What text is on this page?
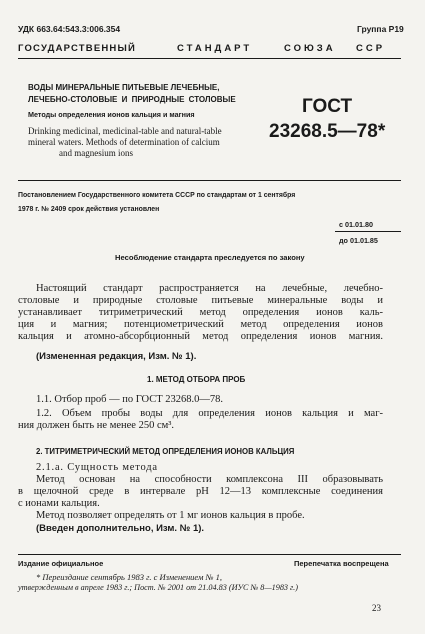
УДК 663.64:543.3:006.354	Группа Р19
ГОСУДАРСТВЕННЫЙ	СТАНДАРТ	СОЮЗА ССР
ВОДЫ МИНЕРАЛЬНЫЕ ПИТЬЕВЫЕ ЛЕЧЕБНЫЕ,
ЛЕЧЕБНО-СТОЛОВЫЕ И ПРИРОДНЫЕ СТОЛОВЫЕ
Методы определения ионов кальция и магния
Drinking medicinal, medicinal-table and natural-table
mineral waters. Methods of determination of calcium
and magnesium ions
ГОСТ
23268.5—78*
Постановлением Государственного комитета СССР по стандартам от 1 сентября
1978 г. № 2409 срок действия установлен
с 01.01.80
до 01.01.85
Несоблюдение стандарта преследуется по закону
Настоящий стандарт распространяется на лечебные, лечебно-
столовые и природные столовые питьевые минеральные воды и
устанавливает титриметрический метод определения ионов каль-
ция и магния; потенциометрический метод определения ионов
кальция и атомно-абсорбционный метод определения ионов магния.
(Измененная редакция, Изм. № 1).
1. МЕТОД ОТБОРА ПРОБ
1.1. Отбор проб — по ГОСТ 23268.0—78.
1.2. Объем пробы воды для определения ионов кальция и маг-
ния должен быть не менее 250 см³.
2. ТИТРИМЕТРИЧЕСКИЙ МЕТОД ОПРЕДЕЛЕНИЯ ИОНОВ КАЛЬЦИЯ
2.1.а. Сущность метода
Метод основан на способности комплексона III образовывать
в щелочной среде в интервале pH 12—13 комплексные соединения
с ионами кальция.
Метод позволяет определять от 1 мг ионов кальция в пробе.
(Введен дополнительно, Изм. № 1).
Издание официальное	Перепечатка воспрещена
* Переиздание сентябрь 1983 г. с Изменением № 1,
утвержденным в апреле 1983 г.; Пост. № 2001 от 21.04.83 (ИУС № 8—1983 г.)
23
